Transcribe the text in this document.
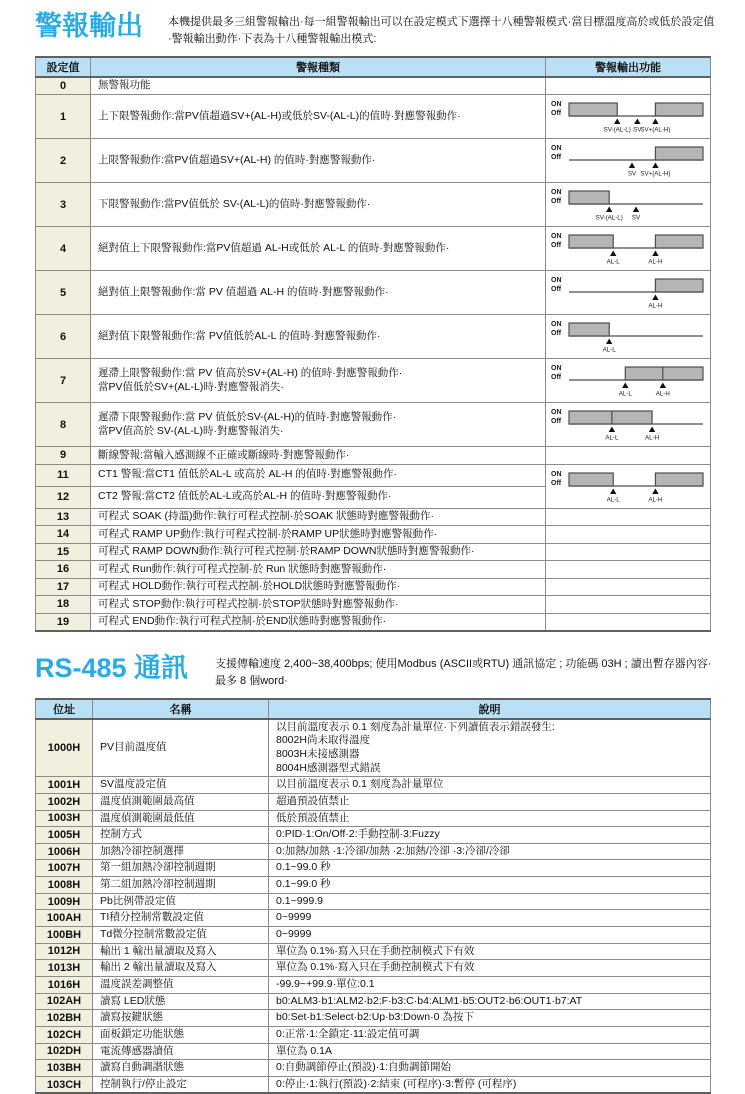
警報輸出	本機提供最多三組警報輸出·每一組警報輸出可以在設定模式下選擇十八種警報模式·當目標溫度高於或低於設定值·警報輸出動作·下表為十八種警報輸出模式:

設定值	警報種類	警報輸出功能
0	無警報功能	
1	上下限警報動作:當PV值超過SV+(AL-H)或低於SV-(AL-L)的值時·對應警報動作·	ON
Off
SV-(AL-L) SV
SV+(AL-H)

2	上限警報動作:當PV值超過SV+(AL-H) 的值時·對應警報動作·	ON
Off
SV SV+(AL-H)

3	下限警報動作:當PV值低於 SV-(AL-L)的值時·對應警報動作·	ON
Off
SV-(AL-L) SV

4	絕對值上下限警報動作:當PV值超過 AL-H或低於 AL-L 的值時·對應警報動作·	ON
Off
AL-L AL-H

5	絕對值上限警報動作:當 PV 值超過 AL-H 的值時·對應警報動作·	ON
Off
AL-H

6	絕對值下限警報動作:當 PV值低於AL-L 的值時·對應警報動作·	ON
Off
AL-L

7	遲滯上限警報動作:當 PV 值高於SV+(AL-H) 的值時·對應警報動作·
當PV值低於SV+(AL-L)時·對應警報消失·	ON
Off
AL-L AL-H

8	遲滯下限警報動作:當 PV 值低於SV-(AL-H)的值時·對應警報動作·
當PV值高於 SV-(AL-L)時·對應警報消失·	ON
Off
AL-L AL-H

9	斷線警報:當輸入感測線不正確或斷線時·對應警報動作·	
11	CT1 警報:當CT1 值低於AL-L 或高於 AL-H 的值時·對應警報動作·	ON
Off
AL-L AL-H

12	CT2 警報:當CT2 值低於AL-L或高於AL-H 的值時·對應警報動作·	
13	可程式 SOAK (持溫)動作:執行可程式控制·於SOAK 狀態時對應警報動作·	
14	可程式 RAMP UP動作:執行可程式控制·於RAMP UP狀態時對應警報動作·	
15	可程式 RAMP DOWN動作:執行可程式控制·於RAMP DOWN狀態時對應警報動作·	
16	可程式 Run動作:執行可程式控制·於 Run 狀態時對應警報動作·	
17	可程式 HOLD動作:執行可程式控制·於HOLD狀態時對應警報動作·	
18	可程式 STOP動作:執行可程式控制·於STOP狀態時對應警報動作·	
19	可程式 END動作:執行可程式控制·於END狀態時對應警報動作·	
RS-485 通訊	支援傳輸速度 2,400~38,400bps; 使用Modbus (ASCII或RTU) 通訊協定 ; 功能碼 03H ; 讀出暫存器內容·最多 8 個word·

位址	名稱	說明
1000H	PV目前溫度值	以目前溫度表示 0.1 刻度為計量單位·下列讀值表示錯誤發生:
8002H尚未取得溫度
8003H未接感測器
8004H感測器型式錯誤
1001H	SV溫度設定值	以目前溫度表示 0.1 刻度為計量單位
1002H	溫度偵測範圍最高值	超過預設值禁止
1003H	溫度偵測範圍最低值	低於預設值禁止
1005H	控制方式	0:PID·1:On/Off·2:手動控制·3:Fuzzy
1006H	加熱冷卻控制選擇	0:加熱/加熱 ·1:冷卻/加熱 ·2:加熱/冷卻 ·3:冷卻/冷卻
1007H	第一組加熱冷卻控制週期	0.1~99.0 秒
1008H	第二組加熱冷卻控制週期	0.1~99.0 秒
1009H	Pb比例帶設定值	0.1~999.9
100AH	TI積分控制常數設定值	0~9999
100BH	Td微分控制常數設定值	0~9999
1012H	輸出 1 輸出量讀取及寫入	單位為 0.1%·寫入只在手動控制模式下有效
1013H	輸出 2 輸出量讀取及寫入	單位為 0.1%·寫入只在手動控制模式下有效
1016H	溫度誤差調整值	-99.9~+99.9·單位:0.1
102AH	讀寫 LED狀態	b0:ALM3·b1:ALM2·b2:F·b3:C·b4:ALM1·b5:OUT2·b6:OUT1·b7:AT
102BH	讀寫按鍵狀態	b0:Set·b1:Select·b2:Up·b3:Down·0 為按下
102CH	面板鎖定功能狀態	0:正常·1:全鎖定·11:設定值可調
102DH	電流傳感器讀值	單位為 0.1A
103BH	讀寫自動調諧狀態	0:自動調節停止(預設)·1:自動調節開始
103CH	控制執行/停止設定	0:停止·1:執行(預設)·2:結束 (可程序)·3:暫停 (可程序)
